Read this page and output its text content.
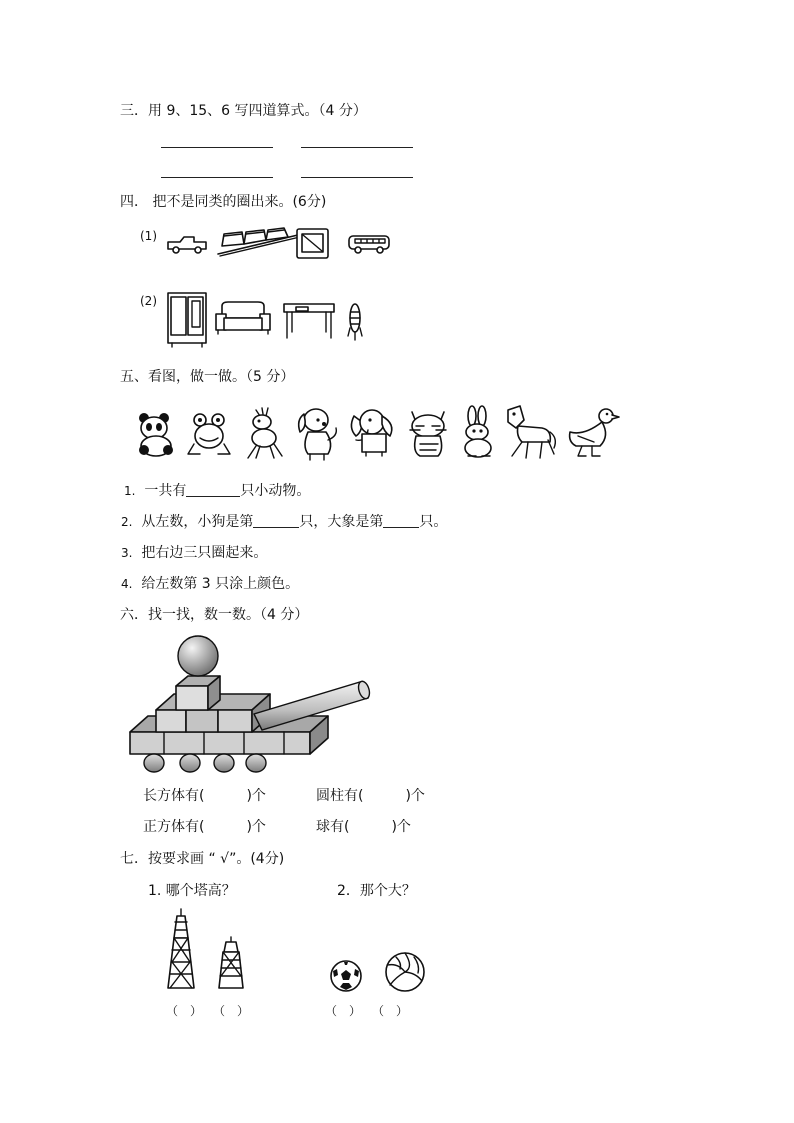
三．用 9、15、6 写四道算式。（4 分）
四． 把不是同类的圈出来。(6分)
(1)
(2)
五、看图，做一做。（5 分）
1. 一共有	只小动物。
2. 从左数，小狗是第	只，大象是第	只。
3. 把右边三只圈起来。
4. 给左数第 3 只涂上颜色。
六．找一找，数一数。（4 分）
长方体有(　　　)个	圆柱有(　　　)个
正方体有(　　　)个	球有(　　　)个
七．按要求画 “ √”。(4分)
1. 哪个塔高？	2．那个大？
（　） （　）	（　） （　）
